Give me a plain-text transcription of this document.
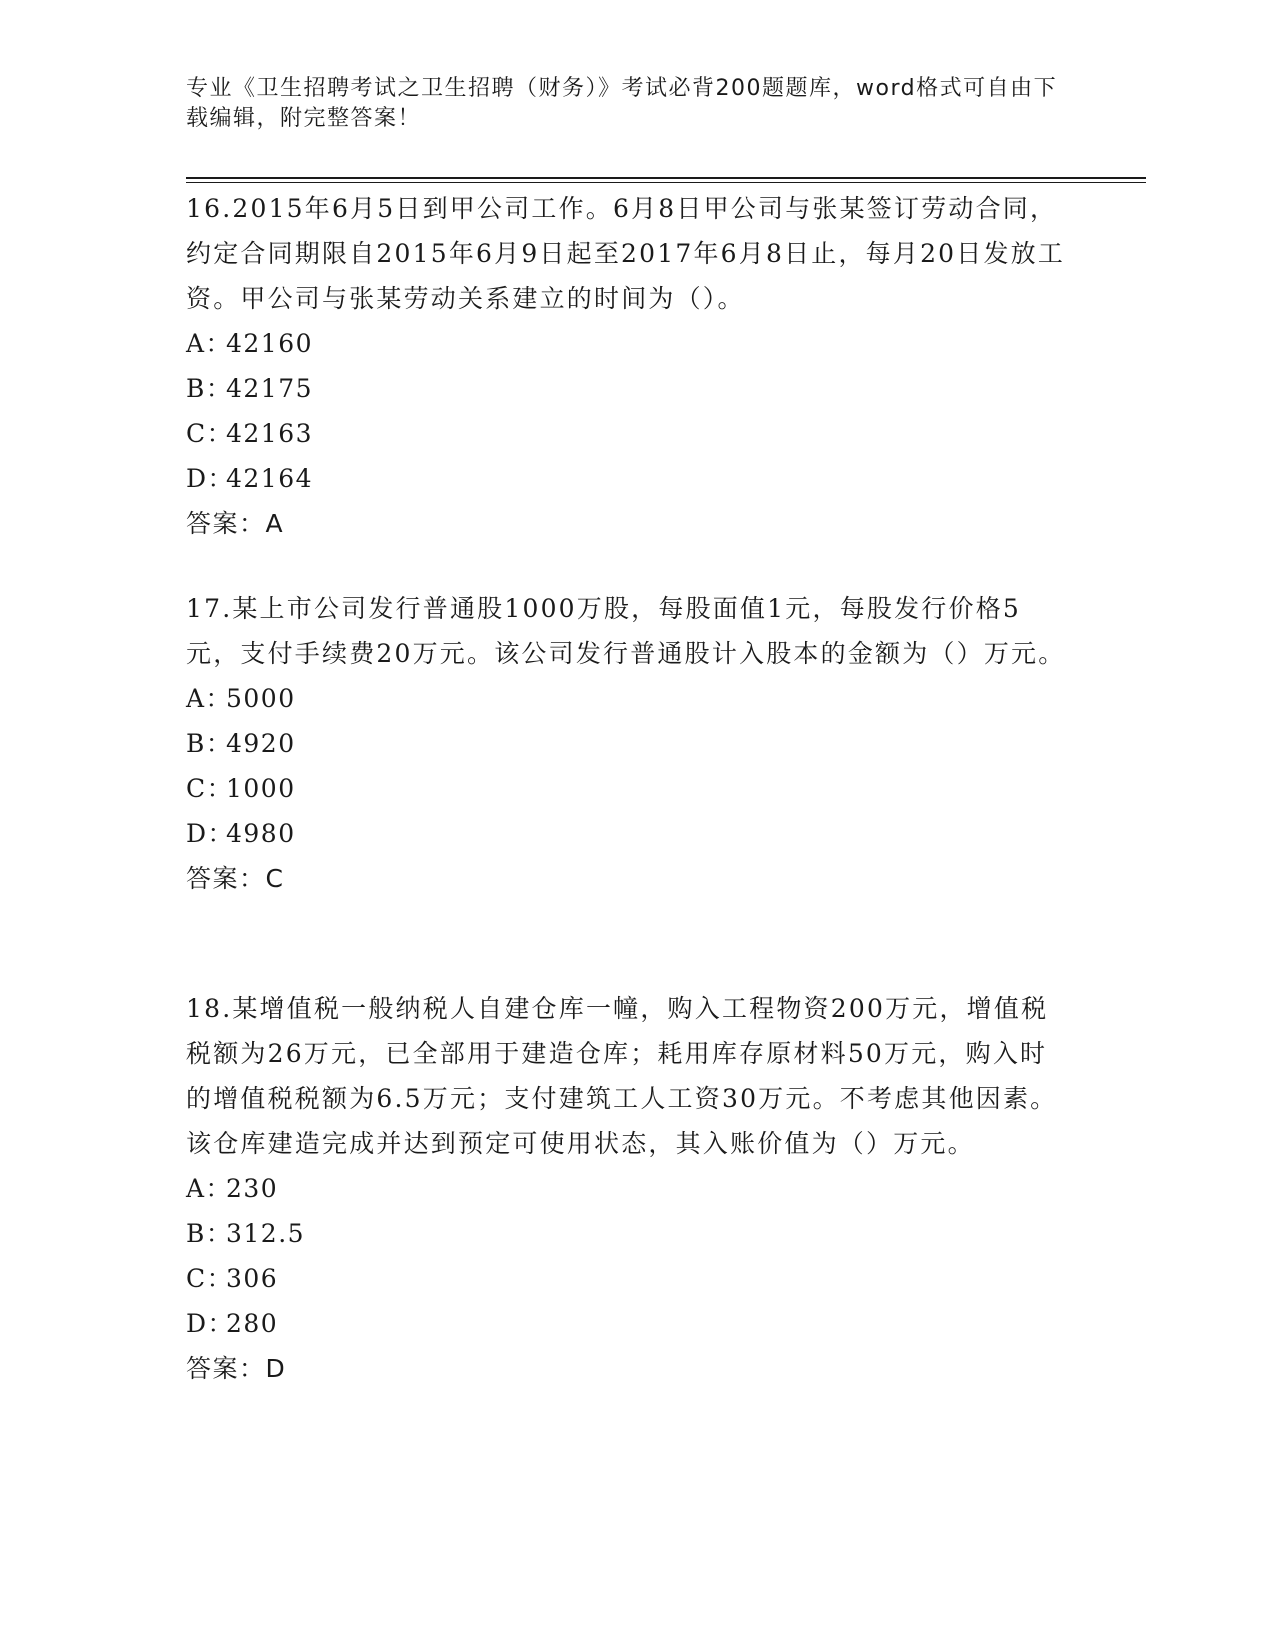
专业《卫生招聘考试之卫生招聘（财务）》考试必背200题题库，word格式可自由下载编辑，附完整答案！

16.2015年6月5日到甲公司工作。6月8日甲公司与张某签订劳动合同，约定合同期限自2015年6月9日起至2017年6月8日止，每月20日发放工资。甲公司与张某劳动关系建立的时间为（）。

A：42160
B：42175
C：42163
D：42164
答案：A

17.某上市公司发行普通股1000万股，每股面值1元，每股发行价格5元，支付手续费20万元。该公司发行普通股计入股本的金额为（）万元。

A：5000
B：4920
C：1000
D：4980
答案：C

18.某增值税一般纳税人自建仓库一幢，购入工程物资200万元，增值税税额为26万元，已全部用于建造仓库；耗用库存原材料50万元，购入时的增值税税额为6.5万元；支付建筑工人工资30万元。不考虑其他因素。该仓库建造完成并达到预定可使用状态，其入账价值为（）万元。

A：230
B：312.5
C：306
D：280
答案：D
